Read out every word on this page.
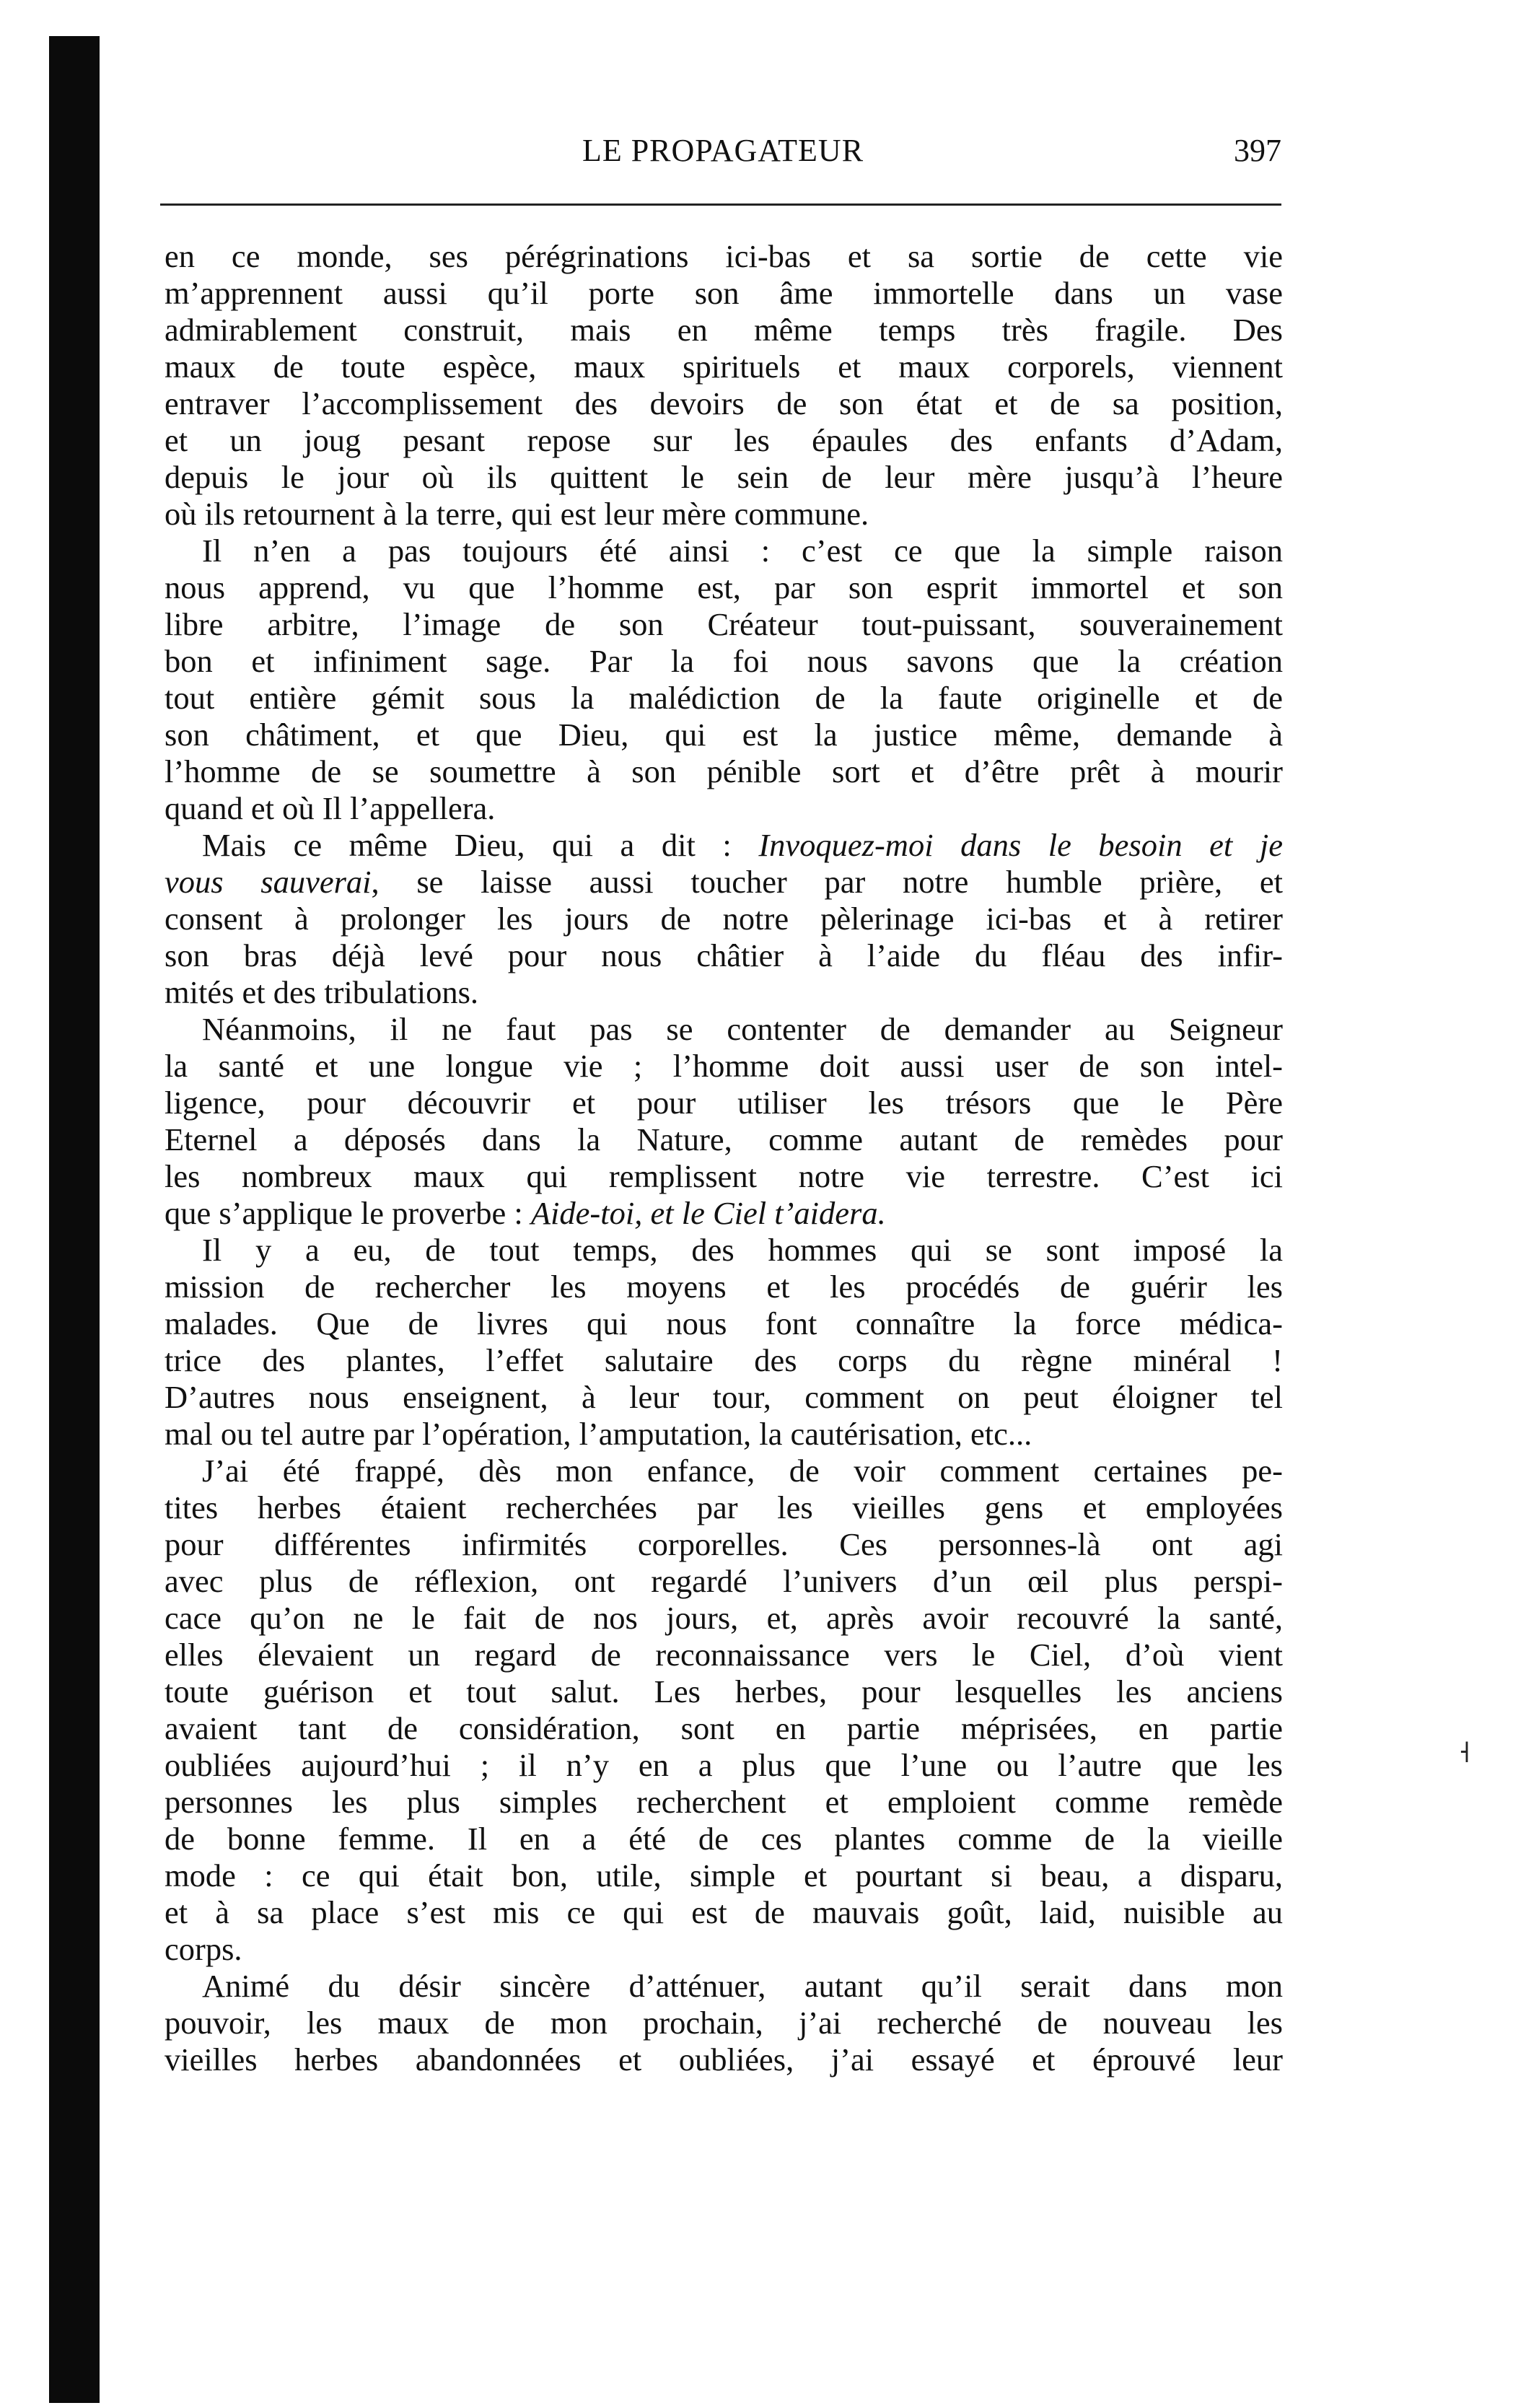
˧
LE PROPAGATEUR	397
en ce monde, ses pérégrinations ici-bas et sa sortie de cette vie
m’apprennent aussi qu’il porte son âme immortelle dans un vase
admirablement construit, mais en même temps très fragile. Des
maux de toute espèce, maux spirituels et maux corporels, viennent
entraver l’accomplissement des devoirs de son état et de sa position,
et un joug pesant repose sur les épaules des enfants d’Adam,
depuis le jour où ils quittent le sein de leur mère jusqu’à l’heure
où ils retournent à la terre, qui est leur mère commune.
Il n’en a pas toujours été ainsi : c’est ce que la simple raison
nous apprend, vu que l’homme est, par son esprit immortel et son
libre arbitre, l’image de son Créateur tout-puissant, souverainement
bon et infiniment sage. Par la foi nous savons que la création
tout entière gémit sous la malédiction de la faute originelle et de
son châtiment, et que Dieu, qui est la justice même, demande à
l’homme de se soumettre à son pénible sort et d’être prêt à mourir
quand et où Il l’appellera.
Mais ce même Dieu, qui a dit : Invoquez-moi dans le besoin et je
vous sauverai, se laisse aussi toucher par notre humble prière, et
consent à prolonger les jours de notre pèlerinage ici-bas et à retirer
son bras déjà levé pour nous châtier à l’aide du fléau des infir-
mités et des tribulations.
Néanmoins, il ne faut pas se contenter de demander au Seigneur
la santé et une longue vie ; l’homme doit aussi user de son intel-
ligence, pour découvrir et pour utiliser les trésors que le Père
Eternel a déposés dans la Nature, comme autant de remèdes pour
les nombreux maux qui remplissent notre vie terrestre. C’est ici
que s’applique le proverbe : Aide-toi, et le Ciel t’aidera.
Il y a eu, de tout temps, des hommes qui se sont imposé la
mission de rechercher les moyens et les procédés de guérir les
malades. Que de livres qui nous font connaître la force médica-
trice des plantes, l’effet salutaire des corps du règne minéral !
D’autres nous enseignent, à leur tour, comment on peut éloigner tel
mal ou tel autre par l’opération, l’amputation, la cautérisation, etc...
J’ai été frappé, dès mon enfance, de voir comment certaines pe-
tites herbes étaient recherchées par les vieilles gens et employées
pour différentes infirmités corporelles. Ces personnes-là ont agi
avec plus de réflexion, ont regardé l’univers d’un œil plus perspi-
cace qu’on ne le fait de nos jours, et, après avoir recouvré la santé,
elles élevaient un regard de reconnaissance vers le Ciel, d’où vient
toute guérison et tout salut. Les herbes, pour lesquelles les anciens
avaient tant de considération, sont en partie méprisées, en partie
oubliées aujourd’hui ; il n’y en a plus que l’une ou l’autre que les
personnes les plus simples recherchent et emploient comme remède
de bonne femme. Il en a été de ces plantes comme de la vieille
mode : ce qui était bon, utile, simple et pourtant si beau, a disparu,
et à sa place s’est mis ce qui est de mauvais goût, laid, nuisible au
corps.
Animé du désir sincère d’atténuer, autant qu’il serait dans mon
pouvoir, les maux de mon prochain, j’ai recherché de nouveau les
vieilles herbes abandonnées et oubliées, j’ai essayé et éprouvé leur
